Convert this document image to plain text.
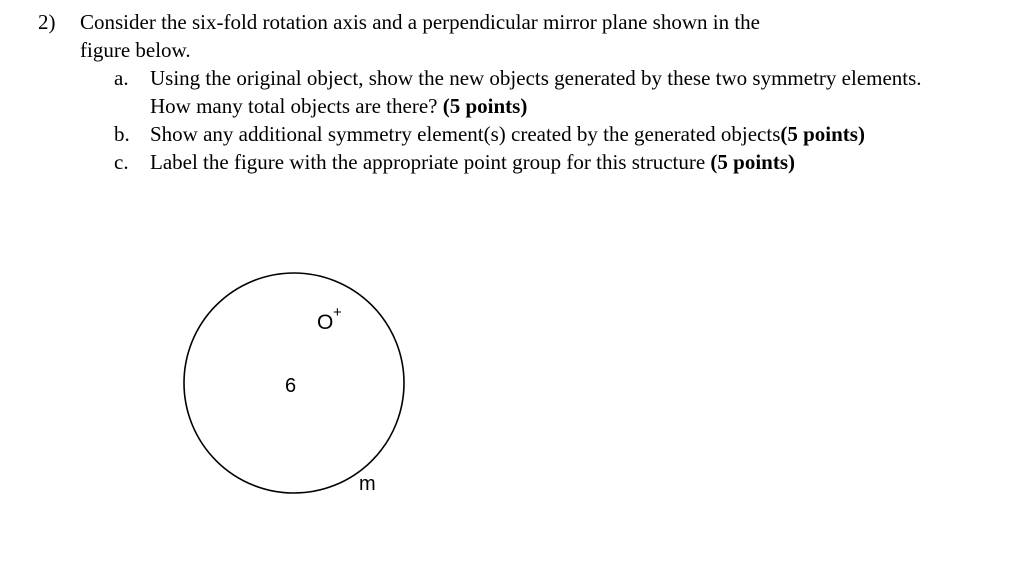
2)	Consider the six-fold rotation axis and a perpendicular mirror plane shown in the
figure below.
a.	Using the original object, show the new objects generated by these two symmetry elements. How many total objects are there? (5 points)
b. Show any additional symmetry element(s) created by the generated objects(5 points)
c.	Label the figure with the appropriate point group for this structure (5 points)
6
O +
m
